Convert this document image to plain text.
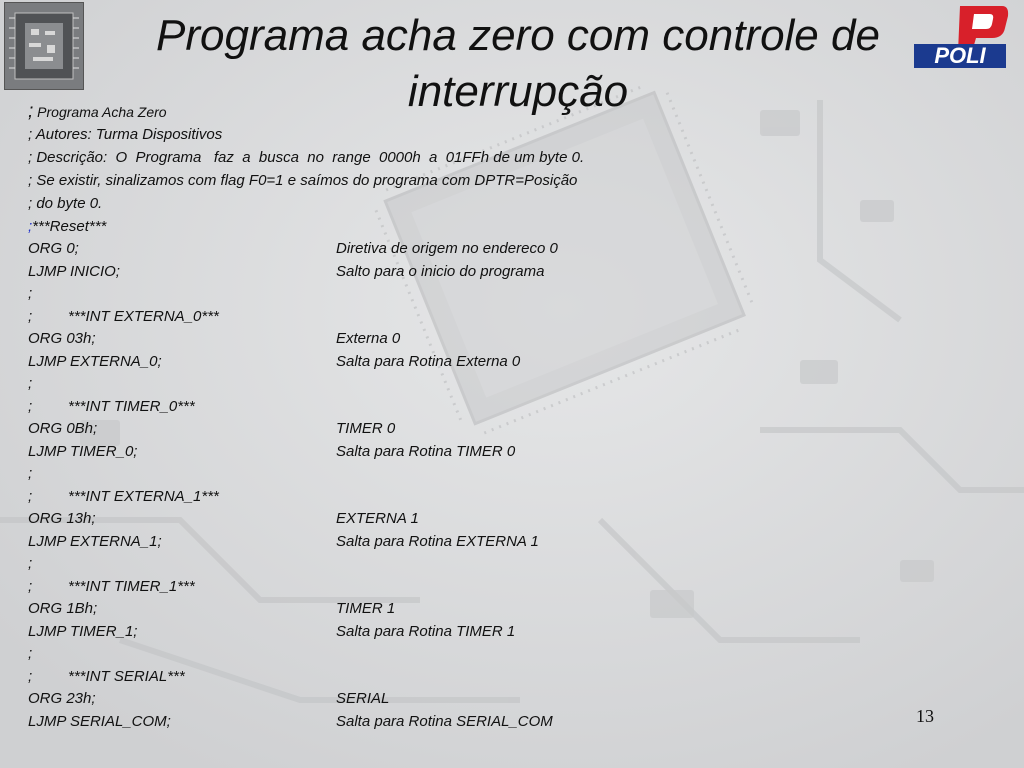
POLI
Programa acha zero com controle de
interrupção
; Programa Acha Zero
; Autores: Turma Dispositivos
; Descrição:  O  Programa   faz  a  busca  no  range  0000h  a  01FFh de um byte 0.
; Se existir, sinalizamos com flag F0=1 e saímos do programa com DPTR=Posição
; do byte 0.
;***Reset***
ORG 0;	Diretiva de origem no endereco 0
LJMP INICIO;	Salto para o inicio do programa
;
; ***INT EXTERNA_0***
ORG 03h;	Externa 0
LJMP EXTERNA_0;	Salta para Rotina Externa 0
;
; ***INT TIMER_0***
ORG 0Bh;	TIMER 0
LJMP TIMER_0;	Salta para Rotina TIMER 0
;
; ***INT EXTERNA_1***
ORG 13h;	EXTERNA 1
LJMP EXTERNA_1;	Salta para Rotina EXTERNA 1
;
; ***INT TIMER_1***
ORG 1Bh;	TIMER 1
LJMP TIMER_1;	Salta para Rotina TIMER 1
;
; ***INT SERIAL***
ORG 23h;	SERIAL
LJMP SERIAL_COM;	Salta para Rotina SERIAL_COM	13
